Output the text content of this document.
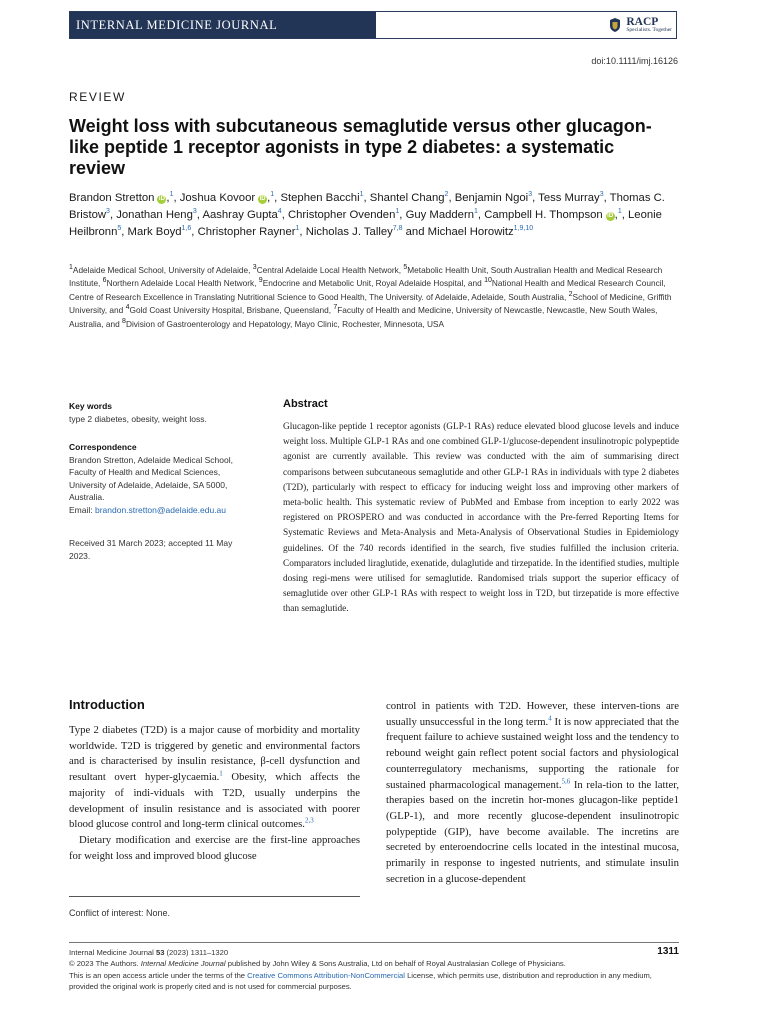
INTERNAL MEDICINE JOURNAL	RACP
Specialists. Together
doi:10.1111/imj.16126
REVIEW
Weight loss with subcutaneous semaglutide versus other glucagon-like peptide 1 receptor agonists in type 2 diabetes: a systematic review

Brandon Stretton iD ,$^1$, Joshua Kovoor iD ,$^1$, Stephen Bacchi$^1$, Shantel Chang$^2$, Benjamin Ngoi$^3$, Tess Murray$^3$, Thomas C. Bristow$^3$, Jonathan Heng$^3$, Aashray Gupta$^4$, Christopher Ovenden$^1$, Guy Maddern$^1$, Campbell H. Thompson iD ,$^1$, Leonie Heilbronn$^5$, Mark Boyd$^{1,6}$, Christopher Rayner$^1$, Nicholas J. Talley$^{7,8}$ and Michael Horowitz$^{1,9,10}$

$^1$Adelaide Medical School, University of Adelaide, $^3$Central Adelaide Local Health Network, $^5$Metabolic Health Unit, South Australian Health and Medical Research Institute, $^6$Northern Adelaide Local Health Network, $^9$Endocrine and Metabolic Unit, Royal Adelaide Hospital, and $^{10}$National Health and Medical Research Council, Centre of Research Excellence in Translating Nutritional Science to Good Health, The University. of Adelaide, Adelaide, South Australia, $^2$School of Medicine, Griffith University, and $^4$Gold Coast University Hospital, Brisbane, Queensland, $^7$Faculty of Health and Medicine, University of Newcastle, Newcastle, New South Wales, Australia, and $^8$Division of Gastroenterology and Hepatology, Mayo Clinic, Rochester, Minnesota, USA

Key words
type 2 diabetes, obesity, weight loss.
Correspondence
Brandon Stretton, Adelaide Medical School, Faculty of Health and Medical Sciences, University of Adelaide, Adelaide, SA 5000, Australia.
Email: brandon.stretton@adelaide.edu.au
Received 31 March 2023; accepted 11 May 2023.
Abstract

Glucagon-like peptide 1 receptor agonists (GLP-1 RAs) reduce elevated blood glucose levels and induce weight loss. Multiple GLP-1 RAs and one combined GLP-1/glucose-dependent insulinotropic polypeptide agonist are currently available. This review was conducted with the aim of summarising direct comparisons between subcutaneous semaglutide and other GLP-1 RAs in individuals with type 2 diabetes (T2D), particularly with respect to efficacy for inducing weight loss and improving other markers of meta-bolic health. This systematic review of PubMed and Embase from inception to early 2022 was registered on PROSPERO and was conducted in accordance with the Pre-ferred Reporting Items for Systematic Reviews and Meta-Analysis and Meta-Analysis of Observational Studies in Epidemiology guidelines. Of the 740 records identified in the search, five studies fulfilled the inclusion criteria. Comparators included liraglutide, exenatide, dulaglutide and tirzepatide. In the identified studies, multiple dosing regi-mens were utilised for semaglutide. Randomised trials support the superior efficacy of semaglutide over other GLP-1 RAs with respect to weight loss in T2D, but tirzepatide is more effective than semaglutide.

Introduction

Type 2 diabetes (T2D) is a major cause of morbidity and mortality worldwide. T2D is triggered by genetic and environmental factors and is characterised by insulin resistance, β-cell dysfunction and resultant overt hyper-glycaemia.$^1$ Obesity, which affects the majority of indi-viduals with T2D, usually underpins the development of insulin resistance and is associated with poorer blood glucose control and long-term clinical outcomes.$^{2,3}$

Dietary modification and exercise are the first-line approaches for weight loss and improved blood glucose

control in patients with T2D. However, these interven-tions are usually unsuccessful in the long term.$^4$ It is now appreciated that the frequent failure to achieve sustained weight loss and the tendency to rebound weight gain reflect potent social factors and physiological counterregulatory mechanisms, supporting the rationale for sustained pharmacological management.$^{5,6}$ In rela-tion to the latter, therapies based on the incretin hor-mones glucagon-like peptide1 (GLP-1), and more recently glucose-dependent insulinotropic polypeptide (GIP), have become available. The incretins are secreted by enteroendocrine cells located in the intestinal mucosa, primarily in response to ingested nutrients, and stimulate insulin secretion in a glucose-dependent

Conflict of interest: None.
Internal Medicine Journal 53 (2023) 1311–1320	1311
© 2023 The Authors. Internal Medicine Journal published by John Wiley & Sons Australia, Ltd on behalf of Royal Australasian College of Physicians.
This is an open access article under the terms of the Creative Commons Attribution-NonCommercial License, which permits use, distribution and reproduction in any medium, provided the original work is properly cited and is not used for commercial purposes.
